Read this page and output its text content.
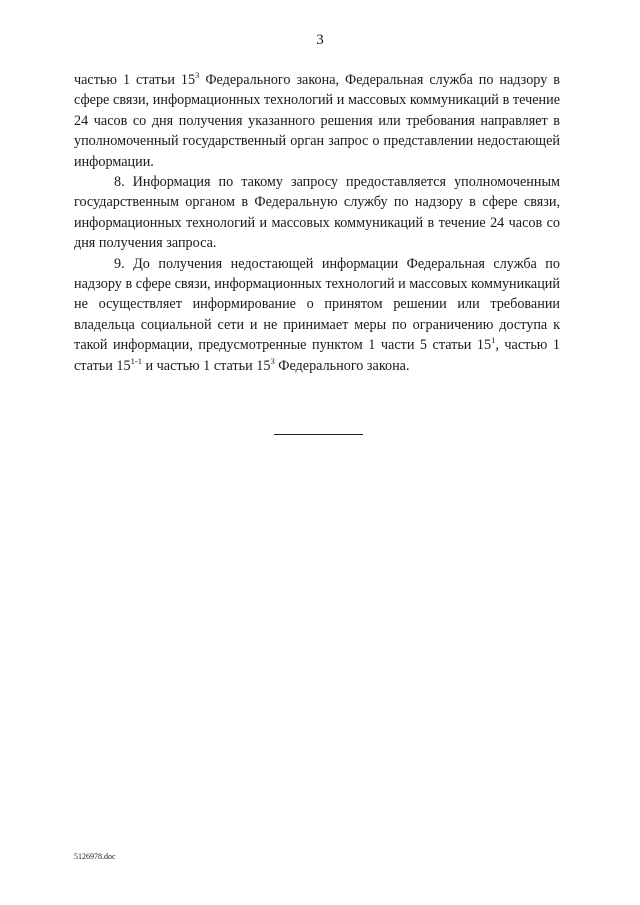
3

частью 1 статьи $15^3$ Федерального закона, Федеральная служба по надзору в сфере связи, информационных технологий и массовых коммуникаций в течение 24 часов со дня получения указанного решения или требования направляет в уполномоченный государственный орган запрос о представлении недостающей информации.

8. Информация по такому запросу предоставляется уполномоченным государственным органом в Федеральную службу по надзору в сфере связи, информационных технологий и массовых коммуникаций в течение 24 часов со дня получения запроса.

9. До получения недостающей информации Федеральная служба по надзору в сфере связи, информационных технологий и массовых коммуникаций не осуществляет информирование о принятом решении или требовании владельца социальной сети и не принимает меры по ограничению доступа к такой информации, предусмотренные пунктом 1 части 5 статьи $15^1$, частью 1 статьи 15$^{1-1}$ и частью 1 статьи $15^3$ Федерального закона.

5126978.doc
